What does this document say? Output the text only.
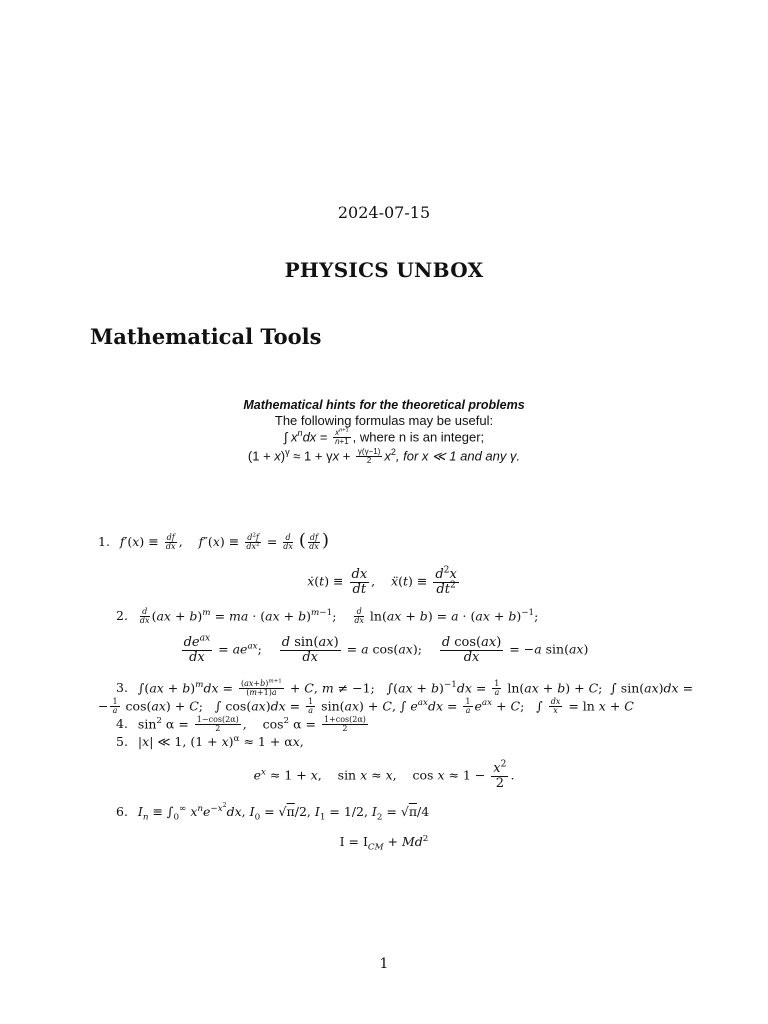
2024-07-15
PHYSICS UNBOX
Mathematical Tools
Mathematical hints for the theoretical problems
The following formulas may be useful:
∫ $x^ndx = \frac{x^{n+1}}{n+1}$ , where n is an integer;
$(1 + x)^\gamma \approx 1 + \gamma x + \frac{\gamma(\gamma-1)}{2} x^2$, for x ≪ 1 and any γ.
1. $f'(x) \equiv \frac{df}{dx}$ ,    $f''(x) \equiv \frac{d^2f}{dx^2} = \frac{d}{dx}$ ( $\frac{df}{dx}$ )
ẋ(t) ≡ $\frac{dx}{dt}$ ,    ẍ(t) ≡ $\frac{d^2x}{dt^2}$
2. $\frac{d}{dx} (ax + b)^m$ = ma · (ax + b)$^{m-1}$; $\frac{d}{dx} \ln(ax + b) = a \cdot (ax + b)^{-1}$;
$\frac{de^{ax}}{dx} = ae^{ax}$; $\frac{\text{d sin(ax)}}{dx} = a$ cos(ax); $\frac{\text{d cos(ax)}}{dx} = -a$ sin(ax)
3. $\int(ax + b)^mdx = \frac{(ax+b)^{m+1}}{(m+1)a} + C$, m ≠ −1;   $\int(ax + b)^{-1}dx = \frac{1}{a} \ln(ax + b) + C$;  ∫ sin(ax)dx =
− $\frac{1}{a} \cos(ax) + C$;   ∫ $\cos(ax)dx = \frac{1}{a} \sin(ax) + C$, ∫ $e^{ax}dx = \frac{1}{a} e^{ax} + C$;   ∫ $\frac{dx}{x} = \ln x + C$
4. $\sin^2 \alpha = \frac{1-\cos(2\alpha)}{2}$ ,    $\cos^2 \alpha = \frac{1+\cos(2\alpha)}{2}$
5. |x| ≪ 1, $(1 + x)^\alpha \approx 1 + \alpha x$,
$e^x \approx 1 + x$,    sin x ≈ x,    $\cos x \approx 1 - \frac{x^2}{2}$ .
6. $I_n \equiv \int_0^\infty$ $x^ne^{-x^2}dx$, $I_0 = √\pi/2$, $I_1 = 1/2$, $I_2 = √\pi/4$
$I = I_{CM} + Md^2$
1
